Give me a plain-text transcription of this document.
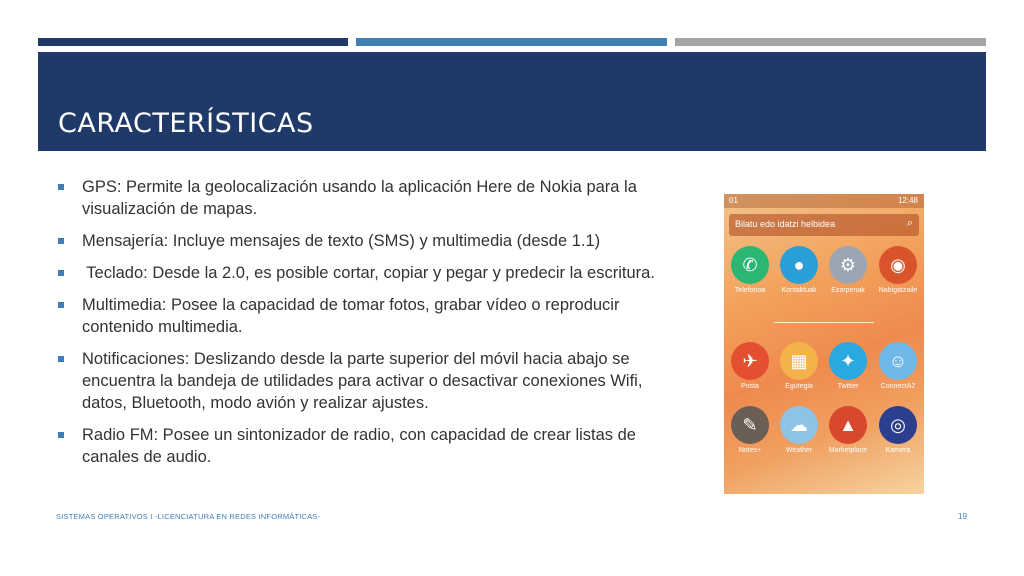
CARACTERÍSTICAS
GPS: Permite la geolocalización usando la aplicación Here de Nokia para la visualización de mapas.
Mensajería: Incluye mensajes de texto (SMS) y multimedia (desde 1.1)
Teclado: Desde la 2.0, es posible cortar, copiar y pegar y predecir la escritura.
Multimedia: Posee la capacidad de tomar fotos, grabar vídeo o reproducir contenido multimedia.
Notificaciones: Deslizando desde la parte superior del móvil hacia abajo se encuentra la bandeja de utilidades para activar o desactivar conexiones Wifi, datos, Bluetooth, modo avión y realizar ajustes.
Radio FM: Posee un sintonizador de radio, con capacidad de crear listas de canales de audio.
01	12:48
Bilatu edo idatzi helbidea	⌕
✆
Telefonoa
●
Kontaktuak
⚙
Ezarpenak
◉
Nabigatzaile
✈
Posta
▦
Egutegia
✦
Twitter
☺
ConnectA2
✎
Notes+
☁
Weather
▲
Marketplace
◎
Kamera
SISTEMAS OPERATIVOS I -LICENCIATURA EN REDES INFORMÁTICAS-	19
